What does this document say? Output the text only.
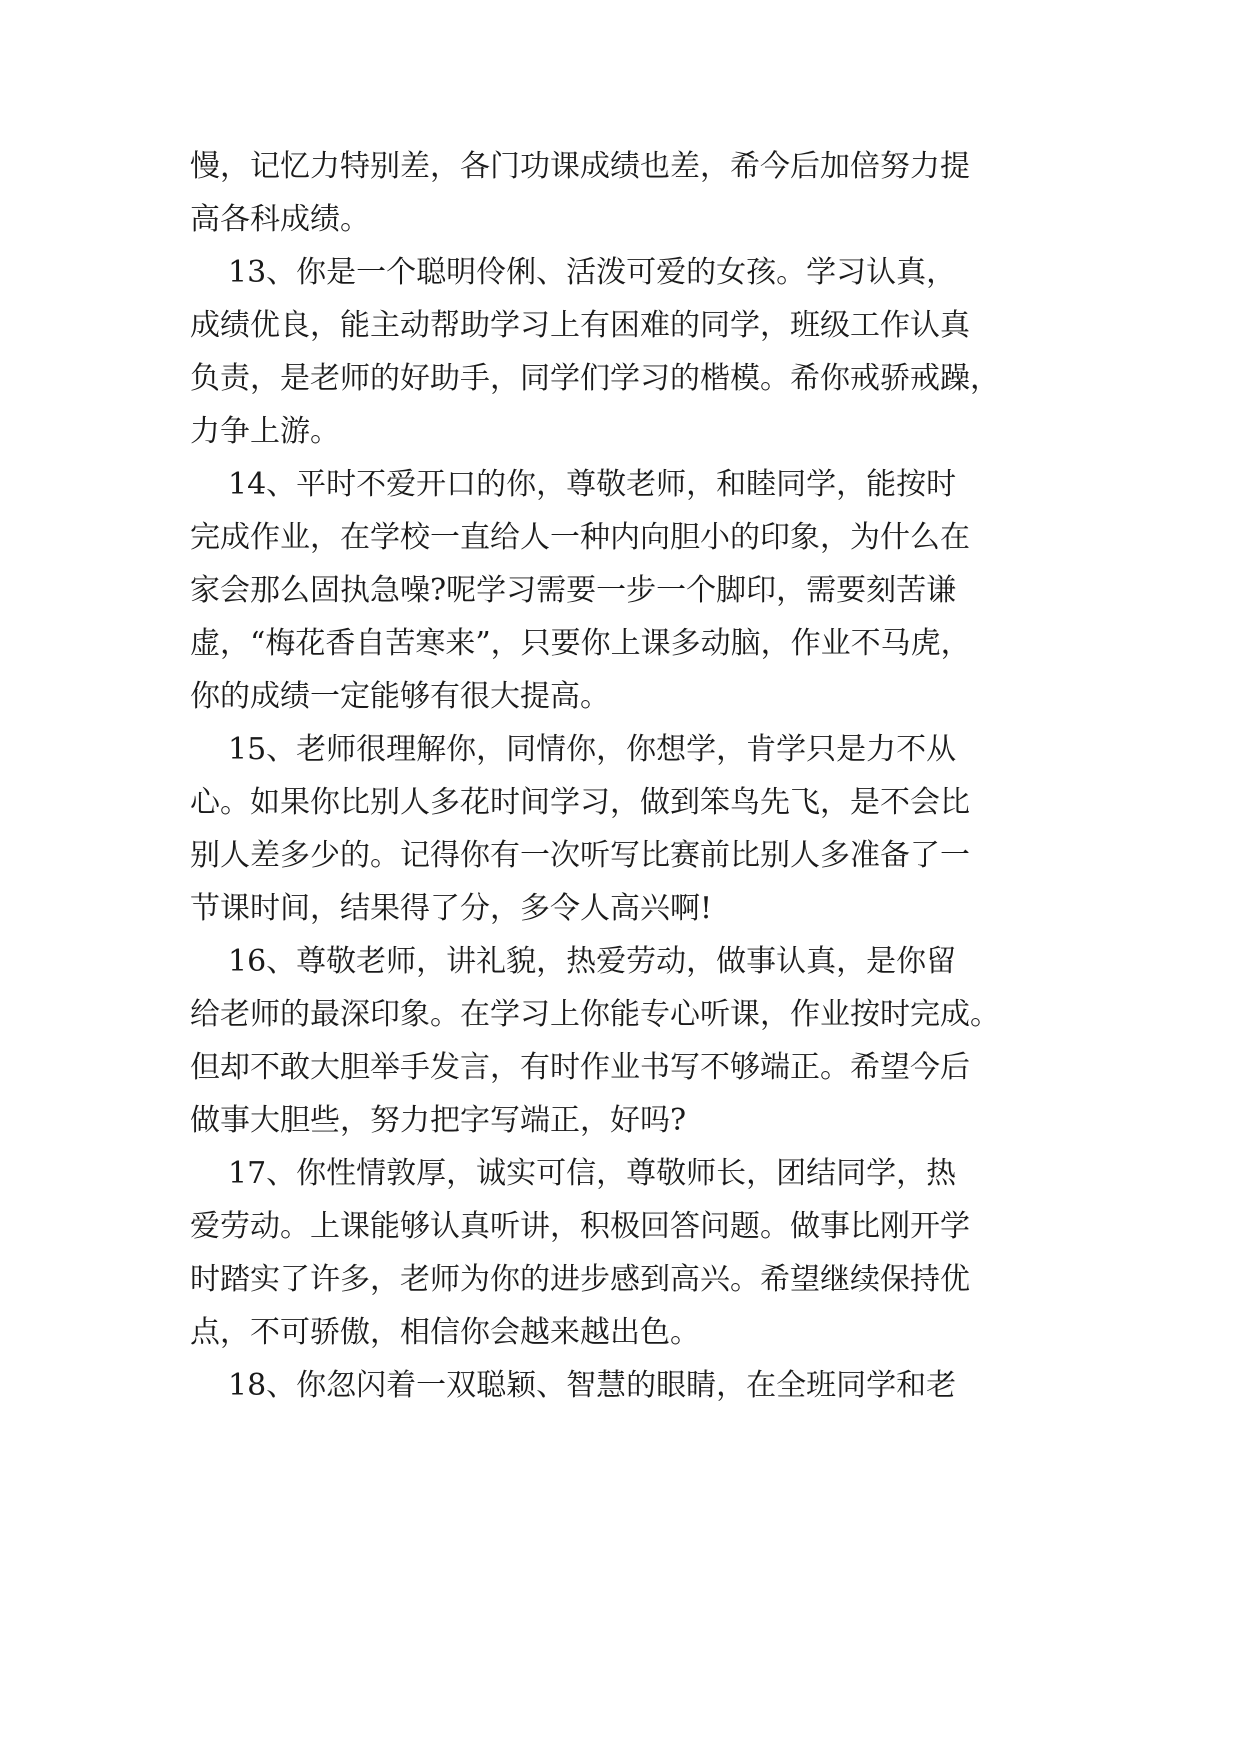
慢，记忆力特别差，各门功课成绩也差，希今后加倍努力提
高各科成绩。
13、你是一个聪明伶俐、活泼可爱的女孩。学习认真，
成绩优良，能主动帮助学习上有困难的同学，班级工作认真
负责，是老师的好助手，同学们学习的楷模。希你戒骄戒躁，
力争上游。
14、平时不爱开口的你，尊敬老师，和睦同学，能按时
完成作业，在学校一直给人一种内向胆小的印象，为什么在
家会那么固执急噪?呢学习需要一步一个脚印，需要刻苦谦
虚，“梅花香自苦寒来”，只要你上课多动脑，作业不马虎，
你的成绩一定能够有很大提高。
15、老师很理解你，同情你，你想学，肯学只是力不从
心。如果你比别人多花时间学习，做到笨鸟先飞，是不会比
别人差多少的。记得你有一次听写比赛前比别人多准备了一
节课时间，结果得了分，多令人高兴啊!
16、尊敬老师，讲礼貌，热爱劳动，做事认真，是你留
给老师的最深印象。在学习上你能专心听课，作业按时完成。
但却不敢大胆举手发言，有时作业书写不够端正。希望今后
做事大胆些，努力把字写端正，好吗?
17、你性情敦厚，诚实可信，尊敬师长，团结同学，热
爱劳动。上课能够认真听讲，积极回答问题。做事比刚开学
时踏实了许多，老师为你的进步感到高兴。希望继续保持优
点，不可骄傲，相信你会越来越出色。
18、你忽闪着一双聪颖、智慧的眼睛，在全班同学和老
